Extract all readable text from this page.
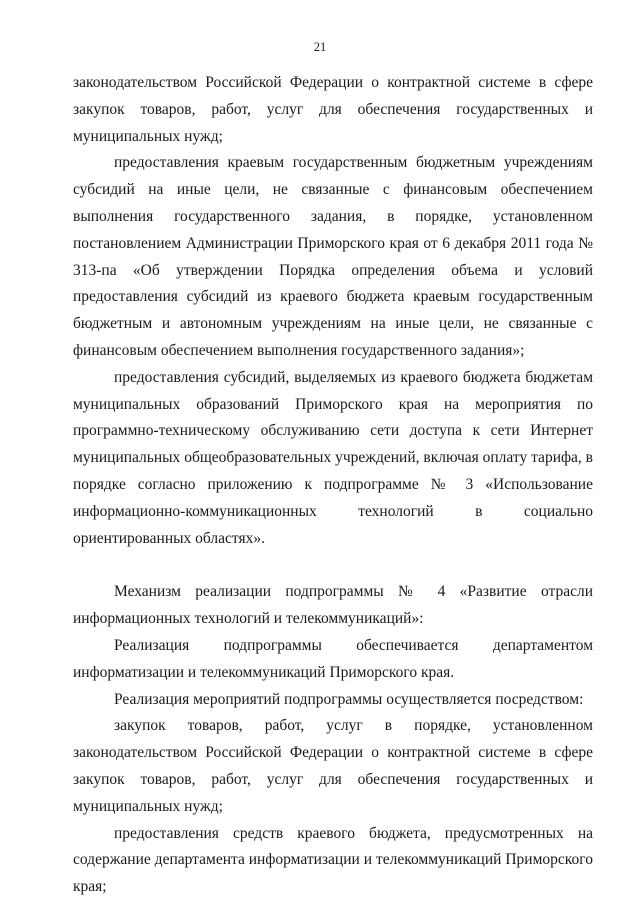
21

законодательством Российской Федерации о контрактной системе в сфере закупок товаров, работ, услуг для обеспечения государственных и муниципальных нужд;

предоставления краевым государственным бюджетным учреждениям субсидий на иные цели, не связанные с финансовым обеспечением выполнения государственного задания, в порядке, установленном постановлением Администрации Приморского края от 6 декабря 2011 года № 313-па «Об утверждении Порядка определения объема и условий предоставления субсидий из краевого бюджета краевым государственным бюджетным и автономным учреждениям на иные цели, не связанные с финансовым обеспечением выполнения государственного задания»;

предоставления субсидий, выделяемых из краевого бюджета бюджетам муниципальных образований Приморского края на мероприятия по программно-техническому обслуживанию сети доступа к сети Интернет муниципальных общеобразовательных учреждений, включая оплату тарифа, в порядке согласно приложению к подпрограмме № 3 «Использование информационно-коммуникационных технологий в социально ориентированных областях».

Механизм реализации подпрограммы № 4 «Развитие отрасли информационных технологий и телекоммуникаций»:

Реализация подпрограммы обеспечивается департаментом информатизации и телекоммуникаций Приморского края.

Реализация мероприятий подпрограммы осуществляется посредством:

закупок товаров, работ, услуг в порядке, установленном законодательством Российской Федерации о контрактной системе в сфере закупок товаров, работ, услуг для обеспечения государственных и муниципальных нужд;

предоставления средств краевого бюджета, предусмотренных на содержание департамента информатизации и телекоммуникаций Приморского края;
